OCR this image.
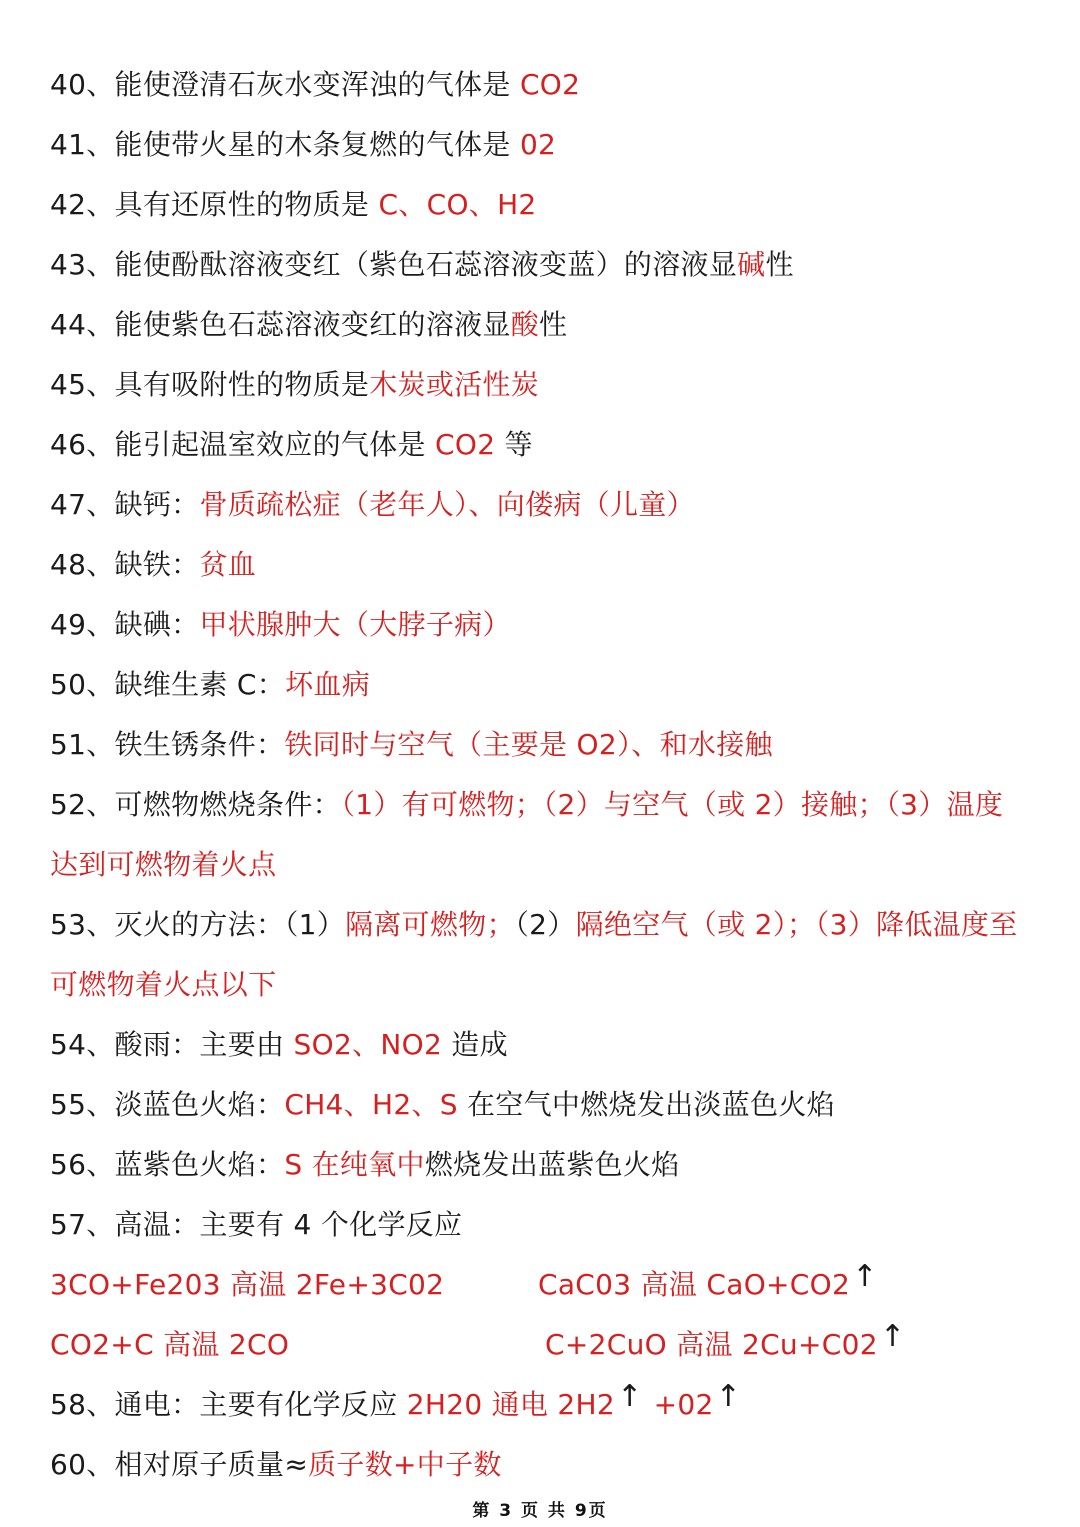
40、能使澄清石灰水变浑浊的气体是 CO2
41、能使带火星的木条复燃的气体是 02
42、具有还原性的物质是 C、CO、H2
43、能使酚酞溶液变红（紫色石蕊溶液变蓝）的溶液显碱性
44、能使紫色石蕊溶液变红的溶液显酸性
45、具有吸附性的物质是木炭或活性炭
46、能引起温室效应的气体是 CO2 等
47、缺钙：骨质疏松症（老年人）、向偻病（儿童）
48、缺铁：贫血
49、缺碘：甲状腺肿大（大脖子病）
50、缺维生素 C：坏血病
51、铁生锈条件：铁同时与空气（主要是 O2）、和水接触
52、可燃物燃烧条件：（1）有可燃物；（2）与空气（或 2）接触；（3）温度
达到可燃物着火点
53、灭火的方法：（1）隔离可燃物；（2）隔绝空气（或 2）；（3）降低温度至
可燃物着火点以下
54、酸雨：主要由 SO2、NO2 造成
55、淡蓝色火焰：CH4、H2、S 在空气中燃烧发出淡蓝色火焰
56、蓝紫色火焰：S 在纯氧中燃烧发出蓝紫色火焰
57、高温：主要有 4 个化学反应
3CO+Fe203 高温 2Fe+3C02	CaC03 高温 CaO+CO2↑
CO2+C 高温 2CO	C+2CuO 高温 2Cu+C02↑
58、通电：主要有化学反应 2H20 通电 2H2↑ +02↑
60、相对原子质量≈质子数+中子数
第 3 页 共 9页
